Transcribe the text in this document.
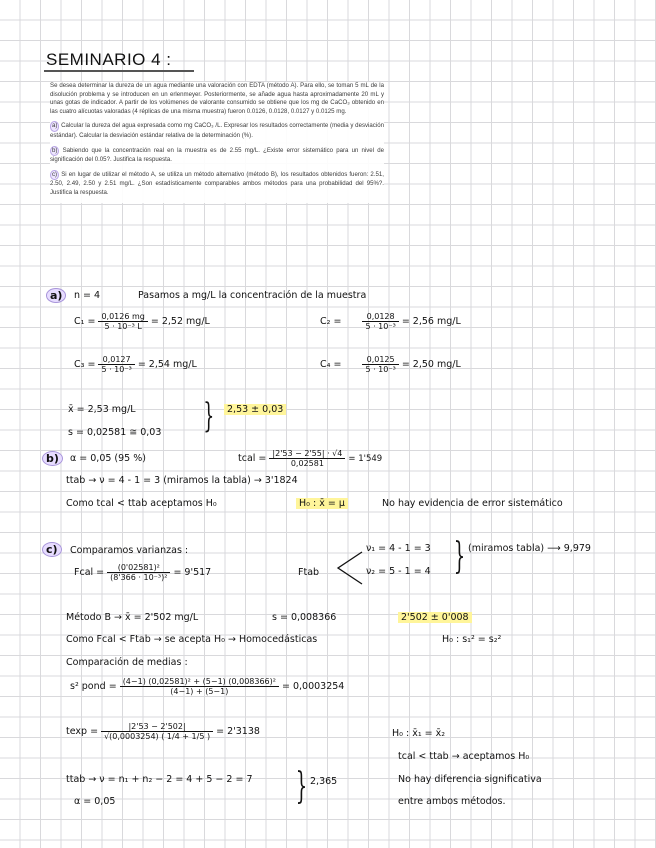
SEMINARIO 4 :

Se desea determinar la dureza de un agua mediante una valoración con EDTA (método A). Para ello, se toman 5 mL de la disolución problema y se introducen en un erlenmeyer. Posteriormente, se añade agua hasta aproximadamente 20 mL y unas gotas de indicador. A partir de los volúmenes de valorante consumido se obtiene que los mg de CaCO₃ obtenido en las cuatro alícuotas valoradas (4 réplicas de una misma muestra) fueron 0.0126, 0.0128, 0.0127 y 0.0125 mg.

a) Calcular la dureza del agua expresada como mg CaCO₃ /L. Expresar los resultados correctamente (media y desviación estándar). Calcular la desviación estándar relativa de la determinación (%).

b) Sabiendo que la concentración real en la muestra es de 2.55 mg/L. ¿Existe error sistemático para un nivel de significación del 0.05?. Justifica la respuesta.

c) Si en lugar de utilizar el método A, se utiliza un método alternativo (método B), los resultados obtenidos fueron: 2.51, 2.50, 2.49, 2.50 y 2.51 mg/L. ¿Son estadísticamente comparables ambos métodos para una probabilidad del 95%?. Justifica la respuesta.

a)	n = 4	Pasamos a mg/L la concentración de la muestra
$C_1 = \frac{0,0126 mg}{\text{5 · 10⁻³ L}} = 2,52$ mg/L	C₂ =	$\frac{0,0128}{\text{5 · 10⁻³}} = 2,56$ mg/L
$C_3 = \frac{0,0127}{\text{5 · 10⁻³}} = 2,54$ mg/L	C₄ =	$\frac{0,0125}{\text{5 · 10⁻³}} = 2,50$ mg/L
x̄ = 2,53 mg/L
s = 0,02581 ≅ 0,03 }	2,53 ± 0,03
b)	α = 0,05 (95 %)	tcal = $\frac{|2'53 - 2'55| \cdot √4}{0,02581} = 1'549$
ttab → ν = 4 - 1 = 3 (miramos la tabla) → 3'1824
Como tcal < ttab aceptamos H₀	H₀ : x̄ = μ	No hay evidencia de error sistemático
c)	Comparamos varianzas :
Fcal = $\frac{\text{(0'02581)²}}{\text{(8'366 · 10⁻³)²}} = 9'517$	Ftab
ν₁ = 4 - 1 = 3
ν₂ = 5 - 1 = 4 } (miramos tabla) ⟶ 9,979
Método B → x̄ = 2'502 mg/L	s = 0,008366	2'502 ± 0'008
Como Fcal < Ftab → se acepta H₀ → Homocedásticas	H₀ : s₁² = s₂²
Comparación de medias :
s² pond = $\frac{\text{(4−1) (0,02581)² + (5−1) (0,008366)²}}{(4-1) + (5-1)} = 0,0003254$
$texp = \frac{|2'53 - 2'502|}{√(0,0003254) ( 1/4 + 1/5 )} = 2'3138$	H₀ : x̄₁ = x̄₂
tcal < ttab → aceptamos H₀
ttab → ν = n₁ + n₂ − 2 = 4 + 5 − 2 = 7
α = 0,05	} 2,365	No hay diferencia significativa
entre ambos métodos.
